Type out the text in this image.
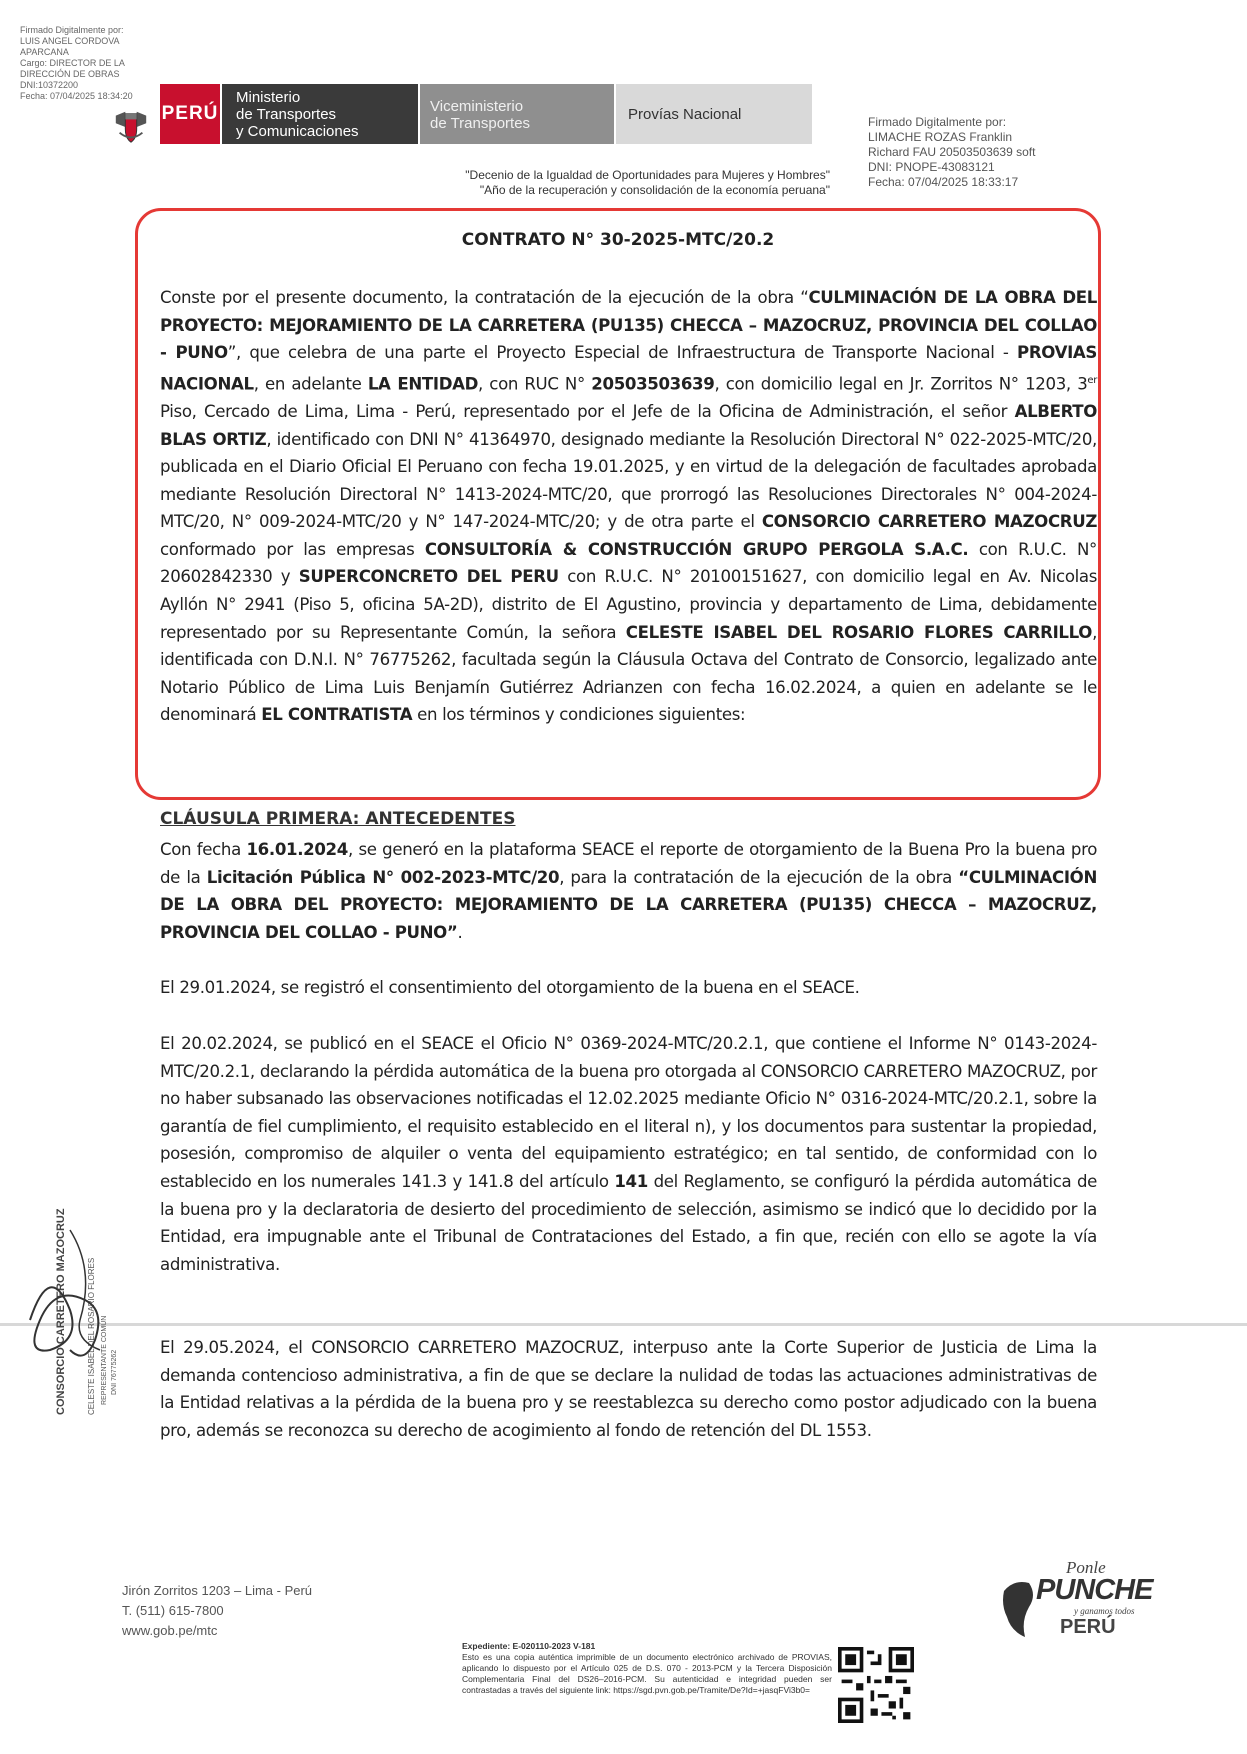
Firmado Digitalmente por:
LUIS ANGEL CORDOVA
APARCANA
Cargo: DIRECTOR DE LA
DIRECCIÓN DE OBRAS
DNI:10372200
Fecha: 07/04/2025 18:34:20
PERÚ
Ministerio
de Transportes
y Comunicaciones
Viceministerio
de Transportes
Provías Nacional	Firmado Digitalmente por:
LIMACHE ROZAS Franklin
Richard FAU 20503503639 soft
DNI: PNOPE-43083121
Fecha: 07/04/2025 18:33:17
"Decenio de la Igualdad de Oportunidades para Mujeres y Hombres"
"Año de la recuperación y consolidación de la economía peruana"
CONTRATO N° 30-2025-MTC/20.2

Conste por el presente documento, la contratación de la ejecución de la obra “CULMINACIÓN DE LA OBRA DEL PROYECTO: MEJORAMIENTO DE LA CARRETERA (PU135) CHECCA – MAZOCRUZ, PROVINCIA DEL COLLAO - PUNO”, que celebra de una parte el Proyecto Especial de Infraestructura de Transporte Nacional - PROVIAS NACIONAL, en adelante LA ENTIDAD, con RUC N° 20503503639, con domicilio legal en Jr. Zorritos N° 1203, 3er Piso, Cercado de Lima, Lima - Perú, representado por el Jefe de la Oficina de Administración, el señor ALBERTO BLAS ORTIZ, identificado con DNI N° 41364970, designado mediante la Resolución Directoral N° 022-2025-MTC/20, publicada en el Diario Oficial El Peruano con fecha 19.01.2025, y en virtud de la delegación de facultades aprobada mediante Resolución Directoral N° 1413-2024-MTC/20, que prorrogó las Resoluciones Directorales N° 004-2024-MTC/20, N° 009-2024-MTC/20 y N° 147-2024-MTC/20; y de otra parte el CONSORCIO CARRETERO MAZOCRUZ conformado por las empresas CONSULTORÍA & CONSTRUCCIÓN GRUPO PERGOLA S.A.C. con R.U.C. N° 20602842330 y SUPERCONCRETO DEL PERU con R.U.C. N° 20100151627, con domicilio legal en Av. Nicolas Ayllón N° 2941 (Piso 5, oficina 5A-2D), distrito de El Agustino, provincia y departamento de Lima, debidamente representado por su Representante Común, la señora CELESTE ISABEL DEL ROSARIO FLORES CARRILLO, identificada con D.N.I. N° 76775262, facultada según la Cláusula Octava del Contrato de Consorcio, legalizado ante Notario Público de Lima Luis Benjamín Gutiérrez Adrianzen con fecha 16.02.2024, a quien en adelante se le denominará EL CONTRATISTA en los términos y condiciones siguientes:

CLÁUSULA PRIMERA: ANTECEDENTES

Con fecha 16.01.2024, se generó en la plataforma SEACE el reporte de otorgamiento de la Buena Pro la buena pro de la Licitación Pública N° 002-2023-MTC/20, para la contratación de la ejecución de la obra “CULMINACIÓN DE LA OBRA DEL PROYECTO: MEJORAMIENTO DE LA CARRETERA (PU135) CHECCA – MAZOCRUZ, PROVINCIA DEL COLLAO - PUNO”.

El 29.01.2024, se registró el consentimiento del otorgamiento de la buena en el SEACE.

El 20.02.2024, se publicó en el SEACE el Oficio N° 0369-2024-MTC/20.2.1, que contiene el Informe N° 0143-2024-MTC/20.2.1, declarando la pérdida automática de la buena pro otorgada al CONSORCIO CARRETERO MAZOCRUZ, por no haber subsanado las observaciones notificadas el 12.02.2025 mediante Oficio N° 0316-2024-MTC/20.2.1, sobre la garantía de fiel cumplimiento, el requisito establecido en el literal n), y los documentos para sustentar la propiedad, posesión, compromiso de alquiler o venta del equipamiento estratégico; en tal sentido, de conformidad con lo establecido en los numerales 141.3 y 141.8 del artículo 141 del Reglamento, se configuró la pérdida automática de la buena pro y la declaratoria de desierto del procedimiento de selección, asimismo se indicó que lo decidido por la Entidad, era impugnable ante el Tribunal de Contrataciones del Estado, a fin que, recién con ello se agote la vía administrativa.

El 29.05.2024, el CONSORCIO CARRETERO MAZOCRUZ, interpuso ante la Corte Superior de Justicia de Lima la demanda contencioso administrativa, a fin de que se declare la nulidad de todas las actuaciones administrativas de la Entidad relativas a la pérdida de la buena pro y se reestablezca su derecho como postor adjudicado con la buena pro, además se reconozca su derecho de acogimiento al fondo de retención del DL 1553.

CONSORCIO CARRETERO MAZOCRUZ	CELESTE ISABEL DEL ROSARIO FLORES REPRESENTANTE COMÚN DNI 76775262
Jirón Zorritos 1203 – Lima - Perú
T. (511) 615-7800
www.gob.pe/mtc
Expediente: E-020110-2023 V-181
Esto es una copia auténtica imprimible de un documento electrónico archivado de PROVIAS, aplicando lo dispuesto por el Artículo 025 de D.S. 070 - 2013-PCM y la Tercera Disposición Complementaria Final del DS26–2016-PCM. Su autenticidad e integridad pueden ser contrastadas a través del siguiente link: https://sgd.pvn.gob.pe/Tramite/De?Id=+jasqFVi3b0=
Ponle
PUNCHE
y ganamos todos
PERÚ
